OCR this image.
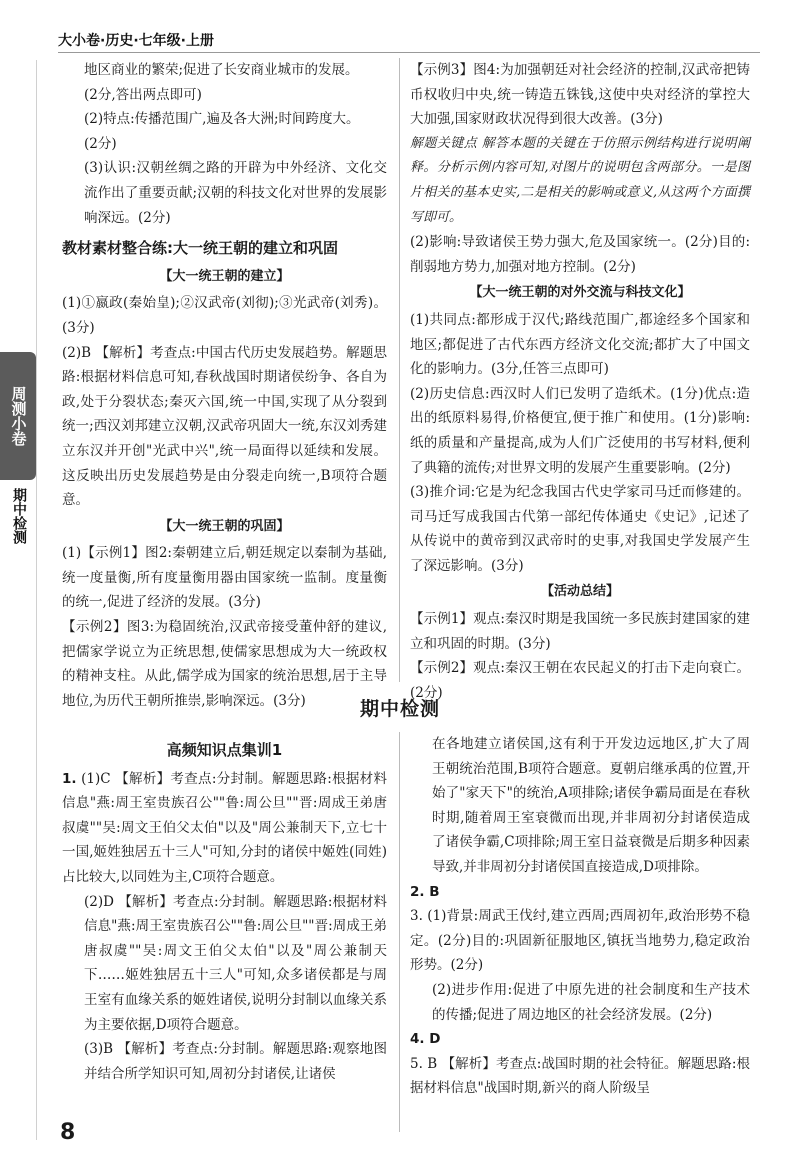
大小卷·历史·七年级·上册
周测小卷
期中检测

地区商业的繁荣;促进了长安商业城市的发展。

(2分,答出两点即可)

(2)特点:传播范围广,遍及各大洲;时间跨度大。

(2分)

(3)认识:汉朝丝绸之路的开辟为中外经济、文化交流作出了重要贡献;汉朝的科技文化对世界的发展影响深远。(2分)

教材素材整合练:大一统王朝的建立和巩固
【大一统王朝的建立】

(1)①嬴政(秦始皇);②汉武帝(刘彻);③光武帝(刘秀)。(3分)

(2)B 【解析】考查点:中国古代历史发展趋势。解题思路:根据材料信息可知,春秋战国时期诸侯纷争、各自为政,处于分裂状态;秦灭六国,统一中国,实现了从分裂到统一;西汉刘邦建立汉朝,汉武帝巩固大一统,东汉刘秀建立东汉并开创"光武中兴",统一局面得以延续和发展。这反映出历史发展趋势是由分裂走向统一,B项符合题意。

【大一统王朝的巩固】

(1)【示例1】图2:秦朝建立后,朝廷规定以秦制为基础,统一度量衡,所有度量衡用器由国家统一监制。度量衡的统一,促进了经济的发展。(3分)

【示例2】图3:为稳固统治,汉武帝接受董仲舒的建议,把儒家学说立为正统思想,使儒家思想成为大一统政权的精神支柱。从此,儒学成为国家的统治思想,居于主导地位,为历代王朝所推崇,影响深远。(3分)

【示例3】图4:为加强朝廷对社会经济的控制,汉武帝把铸币权收归中央,统一铸造五铢钱,这使中央对经济的掌控大大加强,国家财政状况得到很大改善。(3分)

解题关键点 解答本题的关键在于仿照示例结构进行说明阐释。分析示例内容可知,对图片的说明包含两部分。一是图片相关的基本史实,二是相关的影响或意义,从这两个方面撰写即可。

(2)影响:导致诸侯王势力强大,危及国家统一。(2分)目的:削弱地方势力,加强对地方控制。(2分)

【大一统王朝的对外交流与科技文化】

(1)共同点:都形成于汉代;路线范围广,都途经多个国家和地区;都促进了古代东西方经济文化交流;都扩大了中国文化的影响力。(3分,任答三点即可)

(2)历史信息:西汉时人们已发明了造纸术。(1分)优点:造出的纸原料易得,价格便宜,便于推广和使用。(1分)影响:纸的质量和产量提高,成为人们广泛使用的书写材料,便利了典籍的流传;对世界文明的发展产生重要影响。(2分)

(3)推介词:它是为纪念我国古代史学家司马迁而修建的。司马迁写成我国古代第一部纪传体通史《史记》,记述了从传说中的黄帝到汉武帝时的史事,对我国史学发展产生了深远影响。(3分)

【活动总结】

【示例1】观点:秦汉时期是我国统一多民族封建国家的建立和巩固的时期。(3分)

【示例2】观点:秦汉王朝在农民起义的打击下走向衰亡。(2分)

期中检测
高频知识点集训1

1. (1)C 【解析】考查点:分封制。解题思路:根据材料信息"燕:周王室贵族召公""鲁:周公旦""晋:周成王弟唐叔虞""吴:周文王伯父太伯"以及"周公兼制天下,立七十一国,姬姓独居五十三人"可知,分封的诸侯中姬姓(同姓)占比较大,以同姓为主,C项符合题意。

(2)D 【解析】考查点:分封制。解题思路:根据材料信息"燕:周王室贵族召公""鲁:周公旦""晋:周成王弟唐叔虞""吴:周文王伯父太伯"以及"周公兼制天下……姬姓独居五十三人"可知,众多诸侯都是与周王室有血缘关系的姬姓诸侯,说明分封制以血缘关系为主要依据,D项符合题意。

(3)B 【解析】考查点:分封制。解题思路:观察地图并结合所学知识可知,周初分封诸侯,让诸侯

在各地建立诸侯国,这有利于开发边远地区,扩大了周王朝统治范围,B项符合题意。夏朝启继承禹的位置,开始了"家天下"的统治,A项排除;诸侯争霸局面是在春秋时期,随着周王室衰微而出现,并非周初分封诸侯造成了诸侯争霸,C项排除;周王室日益衰微是后期多种因素导致,并非周初分封诸侯国直接造成,D项排除。

2. B

3. (1)背景:周武王伐纣,建立西周;西周初年,政治形势不稳定。(2分)目的:巩固新征服地区,镇抚当地势力,稳定政治形势。(2分)

(2)进步作用:促进了中原先进的社会制度和生产技术的传播;促进了周边地区的社会经济发展。(2分)

4. D

5. B 【解析】考查点:战国时期的社会特征。解题思路:根据材料信息"战国时期,新兴的商人阶级呈

8
